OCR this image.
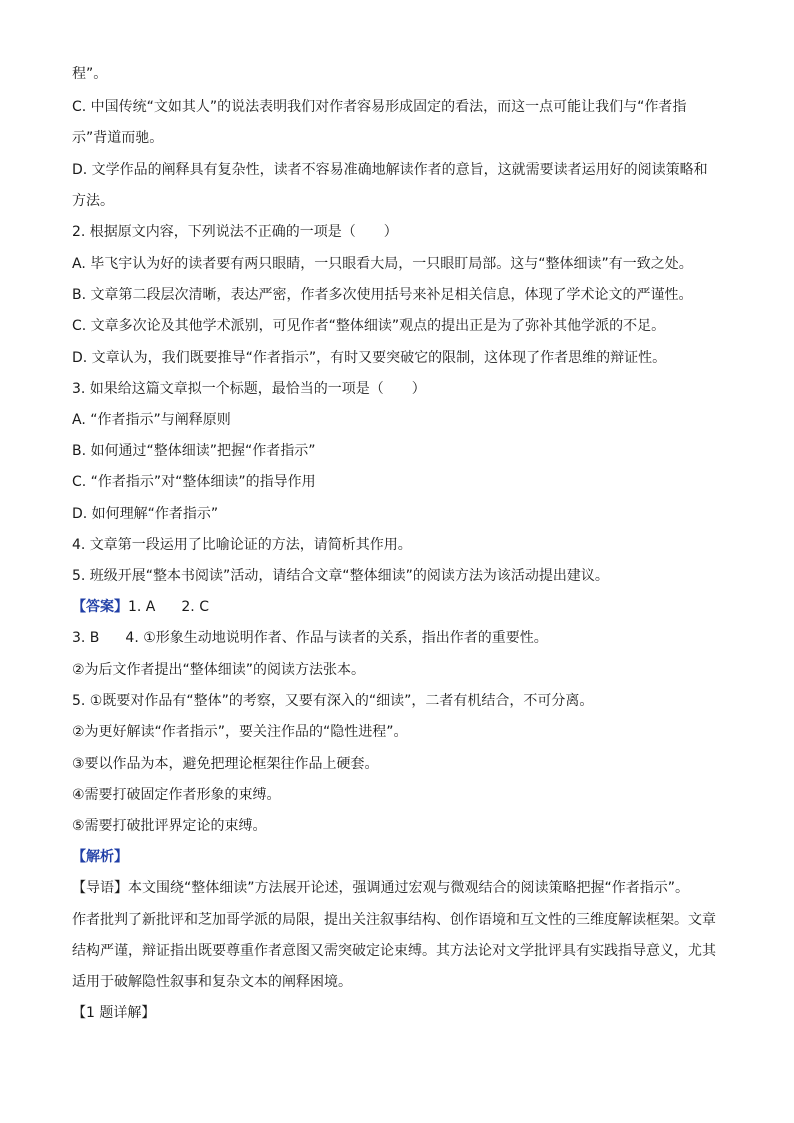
程”。
C. 中国传统“文如其人”的说法表明我们对作者容易形成固定的看法，而这一点可能让我们与“作者指
示”背道而驰。
D. 文学作品的阐释具有复杂性，读者不容易准确地解读作者的意旨，这就需要读者运用好的阅读策略和
方法。
2. 根据原文内容，下列说法不正确的一项是（　　）
A. 毕飞宇认为好的读者要有两只眼睛，一只眼看大局，一只眼盯局部。这与“整体细读”有一致之处。
B. 文章第二段层次清晰，表达严密，作者多次使用括号来补足相关信息，体现了学术论文的严谨性。
C. 文章多次论及其他学术派别，可见作者“整体细读”观点的提出正是为了弥补其他学派的不足。
D. 文章认为，我们既要推导“作者指示”，有时又要突破它的限制，这体现了作者思维的辩证性。
3. 如果给这篇文章拟一个标题，最恰当的一项是（　　）
A. “作者指示”与阐释原则
B. 如何通过“整体细读”把握“作者指示”
C. “作者指示”对“整体细读”的指导作用
D. 如何理解“作者指示”
4. 文章第一段运用了比喻论证的方法，请简析其作用。
5. 班级开展“整本书阅读”活动，请结合文章“整体细读”的阅读方法为该活动提出建议。
【答案】1. A 2. C
3. B 4. ①形象生动地说明作者、作品与读者的关系，指出作者的重要性。
②为后文作者提出“整体细读”的阅读方法张本。
5. ①既要对作品有“整体”的考察，又要有深入的“细读”，二者有机结合，不可分离。
②为更好解读“作者指示”，要关注作品的“隐性进程”。
③要以作品为本，避免把理论框架往作品上硬套。
④需要打破固定作者形象的束缚。
⑤需要打破批评界定论的束缚。
【解析】
【导语】本文围绕“整体细读”方法展开论述，强调通过宏观与微观结合的阅读策略把握“作者指示”。
作者批判了新批评和芝加哥学派的局限，提出关注叙事结构、创作语境和互文性的三维度解读框架。文章
结构严谨，辩证指出既要尊重作者意图又需突破定论束缚。其方法论对文学批评具有实践指导意义，尤其
适用于破解隐性叙事和复杂文本的阐释困境。
【1 题详解】
